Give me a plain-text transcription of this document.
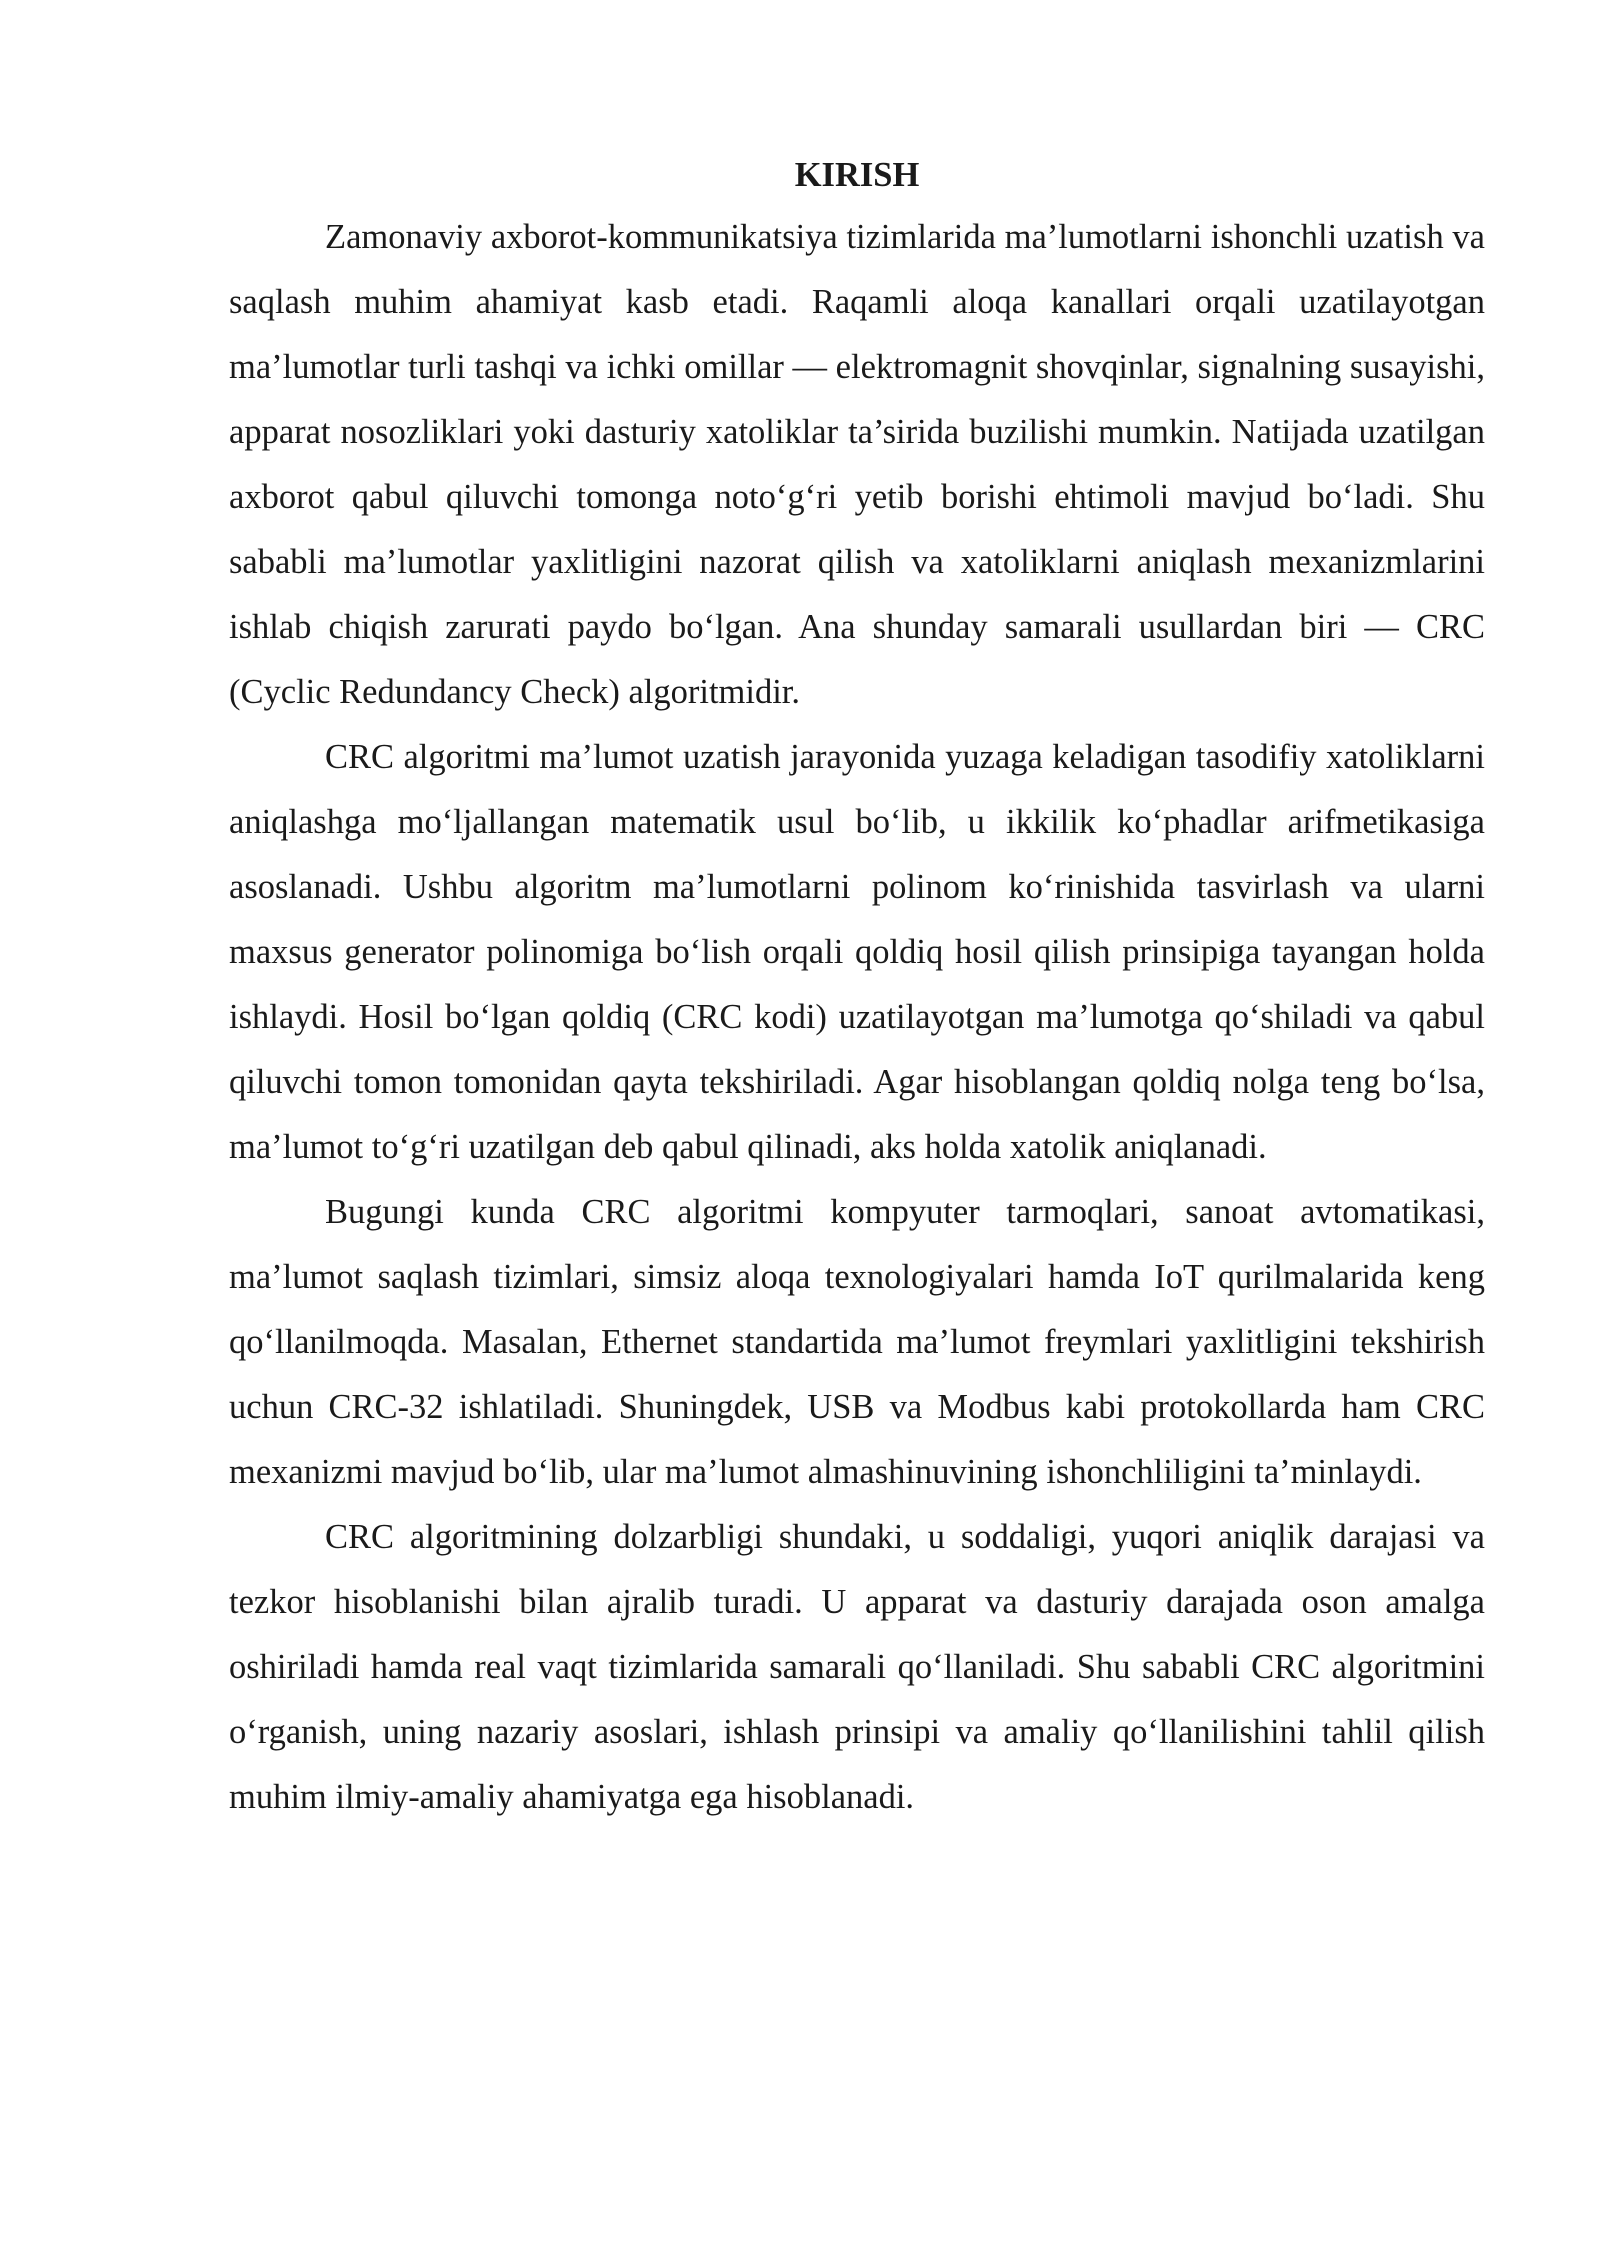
KIRISH

Zamonaviy axborot-kommunikatsiya tizimlarida ma’lumotlarni ishonchli uzatish va saqlash muhim ahamiyat kasb etadi. Raqamli aloqa kanallari orqali uzatilayotgan ma’lumotlar turli tashqi va ichki omillar — elektromagnit shovqinlar, signalning susayishi, apparat nosozliklari yoki dasturiy xatoliklar ta’sirida buzilishi mumkin. Natijada uzatilgan axborot qabul qiluvchi tomonga noto‘g‘ri yetib borishi ehtimoli mavjud bo‘ladi. Shu sababli ma’lumotlar yaxlitligini nazorat qilish va xatoliklarni aniqlash mexanizmlarini ishlab chiqish zarurati paydo bo‘lgan. Ana shunday samarali usullardan biri — CRC (Cyclic Redundancy Check) algoritmidir.

CRC algoritmi ma’lumot uzatish jarayonida yuzaga keladigan tasodifiy xatoliklarni aniqlashga mo‘ljallangan matematik usul bo‘lib, u ikkilik ko‘phadlar arifmetikasiga asoslanadi. Ushbu algoritm ma’lumotlarni polinom ko‘rinishida tasvirlash va ularni maxsus generator polinomiga bo‘lish orqali qoldiq hosil qilish prinsipiga tayangan holda ishlaydi. Hosil bo‘lgan qoldiq (CRC kodi) uzatilayotgan ma’lumotga qo‘shiladi va qabul qiluvchi tomon tomonidan qayta tekshiriladi. Agar hisoblangan qoldiq nolga teng bo‘lsa, ma’lumot to‘g‘ri uzatilgan deb qabul qilinadi, aks holda xatolik aniqlanadi.

Bugungi kunda CRC algoritmi kompyuter tarmoqlari, sanoat avtomatikasi, ma’lumot saqlash tizimlari, simsiz aloqa texnologiyalari hamda IoT qurilmalarida keng qo‘llanilmoqda. Masalan, Ethernet standartida ma’lumot freymlari yaxlitligini tekshirish uchun CRC-32 ishlatiladi. Shuningdek, USB va Modbus kabi protokollarda ham CRC mexanizmi mavjud bo‘lib, ular ma’lumot almashinuvining ishonchliligini ta’minlaydi.

CRC algoritmining dolzarbligi shundaki, u soddaligi, yuqori aniqlik darajasi va tezkor hisoblanishi bilan ajralib turadi. U apparat va dasturiy darajada oson amalga oshiriladi hamda real vaqt tizimlarida samarali qo‘llaniladi. Shu sababli CRC algoritmini o‘rganish, uning nazariy asoslari, ishlash prinsipi va amaliy qo‘llanilishini tahlil qilish muhim ilmiy-amaliy ahamiyatga ega hisoblanadi.
